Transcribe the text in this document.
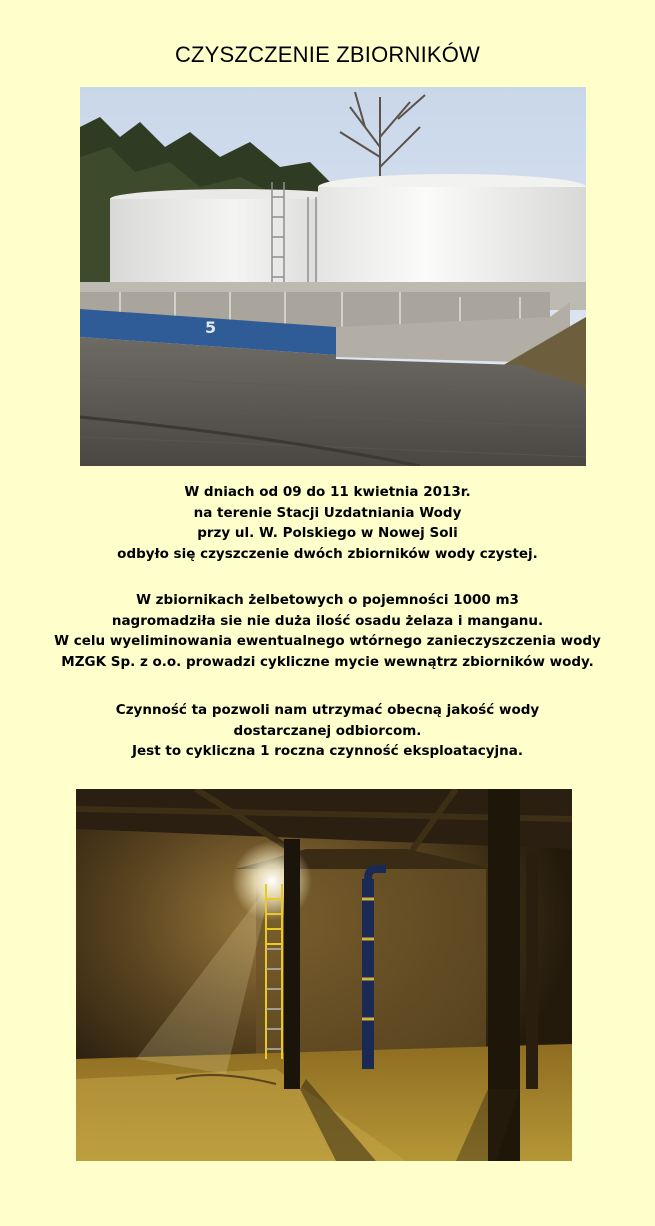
CZYSZCZENIE ZBIORNIKÓW
5

W dniach od 09 do 11 kwietnia 2013r.

na terenie Stacji Uzdatniania Wody

przy ul. W. Polskiego w Nowej Soli

odbyło się czyszczenie dwóch zbiorników wody czystej.

W zbiornikach żelbetowych o pojemności 1000 m3

nagromadziła sie nie duża ilość osadu żelaza i manganu.

W celu wyeliminowania ewentualnego wtórnego zanieczyszczenia wody

MZGK Sp. z o.o. prowadzi cykliczne mycie wewnątrz zbiorników wody.

Czynność ta pozwoli nam utrzymać obecną jakość wody

dostarczanej odbiorcom.

Jest to cykliczna 1 roczna czynność eksploatacyjna.
